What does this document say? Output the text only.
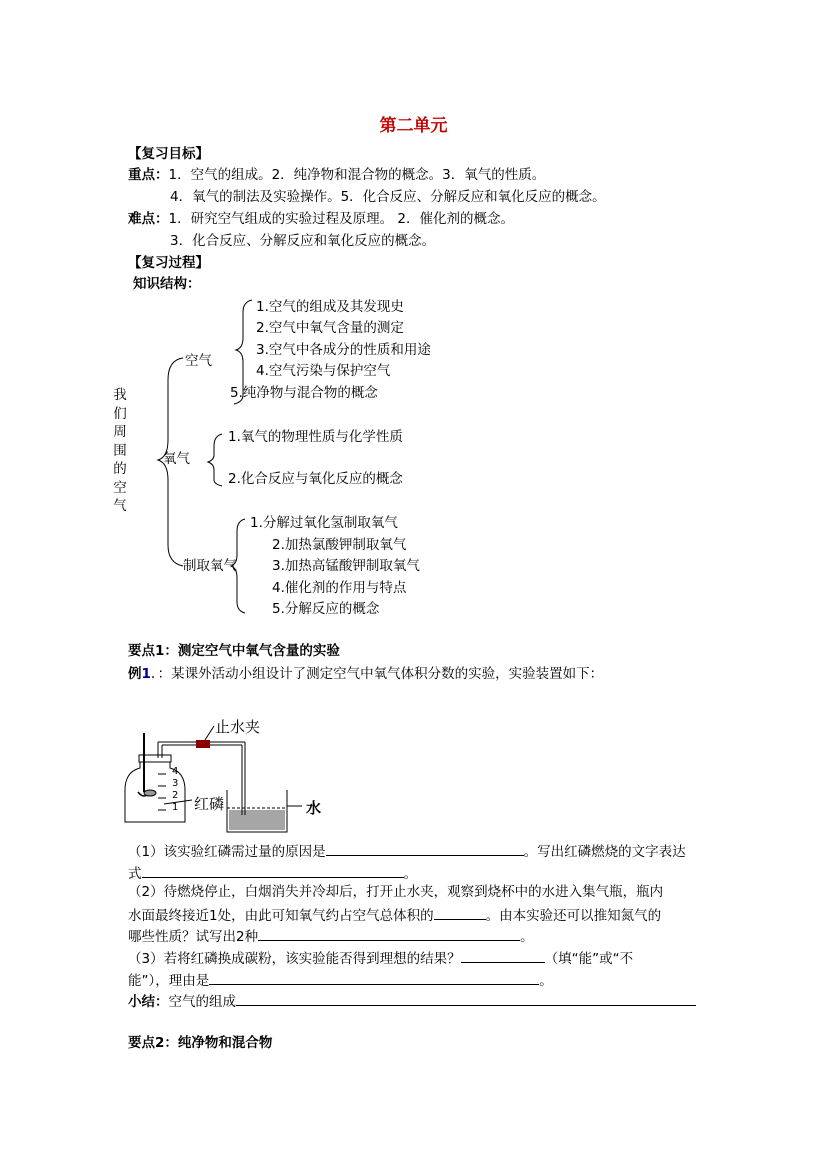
第二单元
【复习目标】
重点：1．空气的组成。2．纯净物和混合物的概念。3．氧气的性质。
4．氧气的制法及实验操作。5．化合反应、分解反应和氧化反应的概念。
难点：1．研究空气组成的实验过程及原理。 2．催化剂的概念。
3．化合反应、分解反应和氧化反应的概念。
【复习过程】
知识结构：
我们周围的空气
空气
1.空气的组成及其发现史
2.空气中氧气含量的测定
3.空气中各成分的性质和用途
4.空气污染与保护空气
5.纯净物与混合物的概念
氧气
1.氧气的物理性质与化学性质
2.化合反应与氧化反应的概念
制取氧气
1.分解过氧化氢制取氧气
2.加热氯酸钾制取氧气
3.加热高锰酸钾制取氧气
4.催化剂的作用与特点
5.分解反应的概念
要点1：测定空气中氧气含量的实验
例1．：某课外活动小组设计了测定空气中氧气体积分数的实验，实验装置如下：
止水夹
红磷	水
4
3
2
1
（1）该实验红磷需过量的原因是	。写出红磷燃烧的文字表达
式	。
（2）待燃烧停止，白烟消失并冷却后，打开止水夹，观察到烧杯中的水进入集气瓶，瓶内
水面最终接近1处，由此可知氧气约占空气总体积的	。由本实验还可以推知氮气的
哪些性质？试写出2种	。
（3）若将红磷换成碳粉，该实验能否得到理想的结果？	（填“能”或“不
能”），理由是	。
小结：空气的组成
要点2：纯净物和混合物
